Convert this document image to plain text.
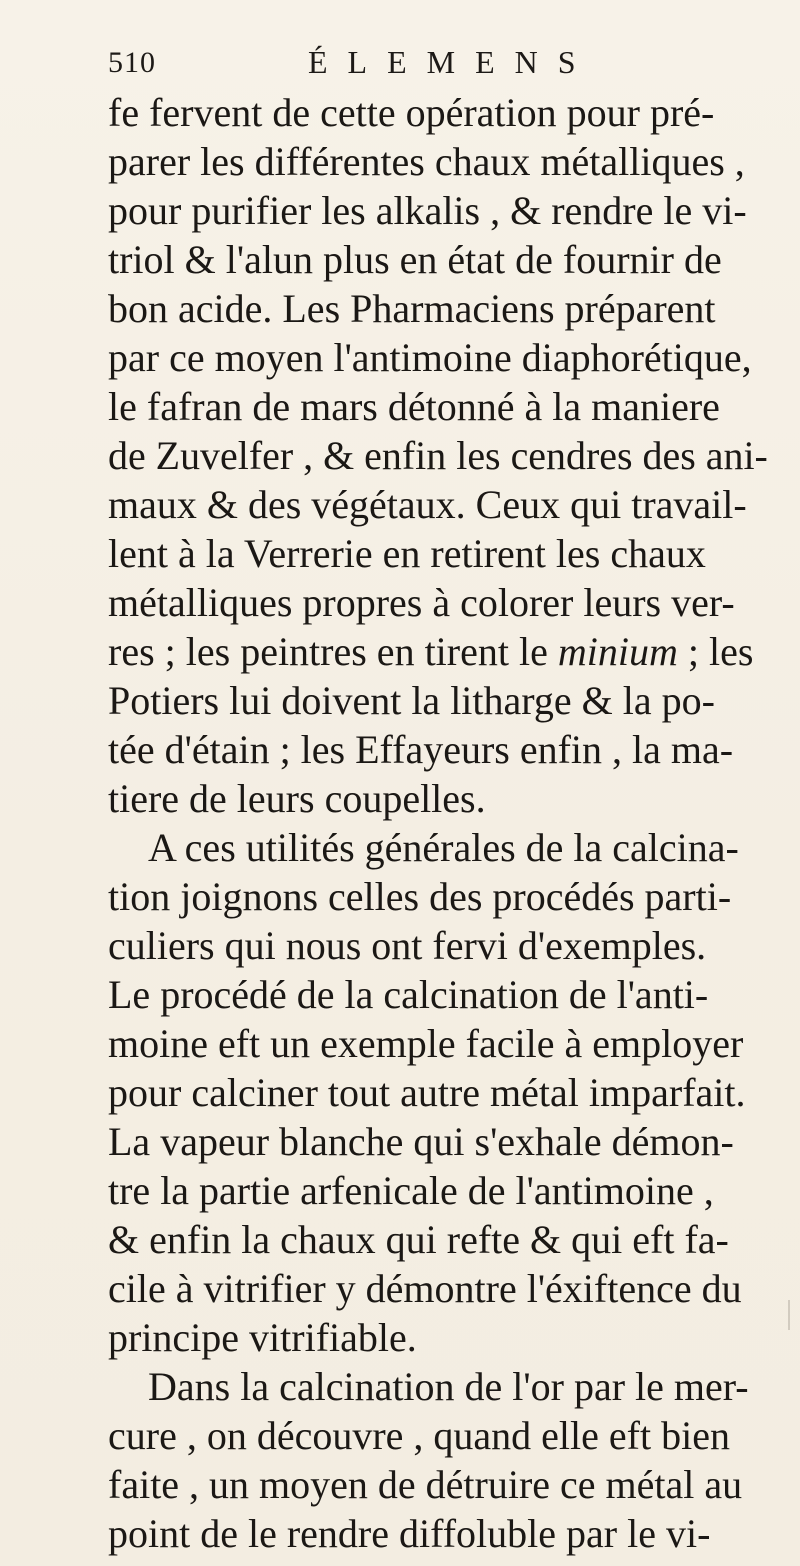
510	ÉLEMENS
fe fervent de cette opération pour pré-
parer les différentes chaux métalliques ,
pour purifier les alkalis , & rendre le vi-
triol & l'alun plus en état de fournir de
bon acide. Les Pharmaciens préparent
par ce moyen l'antimoine diaphorétique,
le fafran de mars détonné à la maniere
de Zuvelfer , & enfin les cendres des ani-
maux & des végétaux. Ceux qui travail-
lent à la Verrerie en retirent les chaux
métalliques propres à colorer leurs ver-
res ; les peintres en tirent le minium ; les
Potiers lui doivent la litharge & la po-
tée d'étain ; les Effayeurs enfin , la ma-
tiere de leurs coupelles.
A ces utilités générales de la calcina-
tion joignons celles des procédés parti-
culiers qui nous ont fervi d'exemples.
Le procédé de la calcination de l'anti-
moine eft un exemple facile à employer
pour calciner tout autre métal imparfait.
La vapeur blanche qui s'exhale démon-
tre la partie arfenicale de l'antimoine ,
& enfin la chaux qui refte & qui eft fa-
cile à vitrifier y démontre l'éxiftence du
principe vitrifiable.
Dans la calcination de l'or par le mer-
cure , on découvre , quand elle eft bien
faite , un moyen de détruire ce métal au
point de le rendre diffoluble par le vi-
